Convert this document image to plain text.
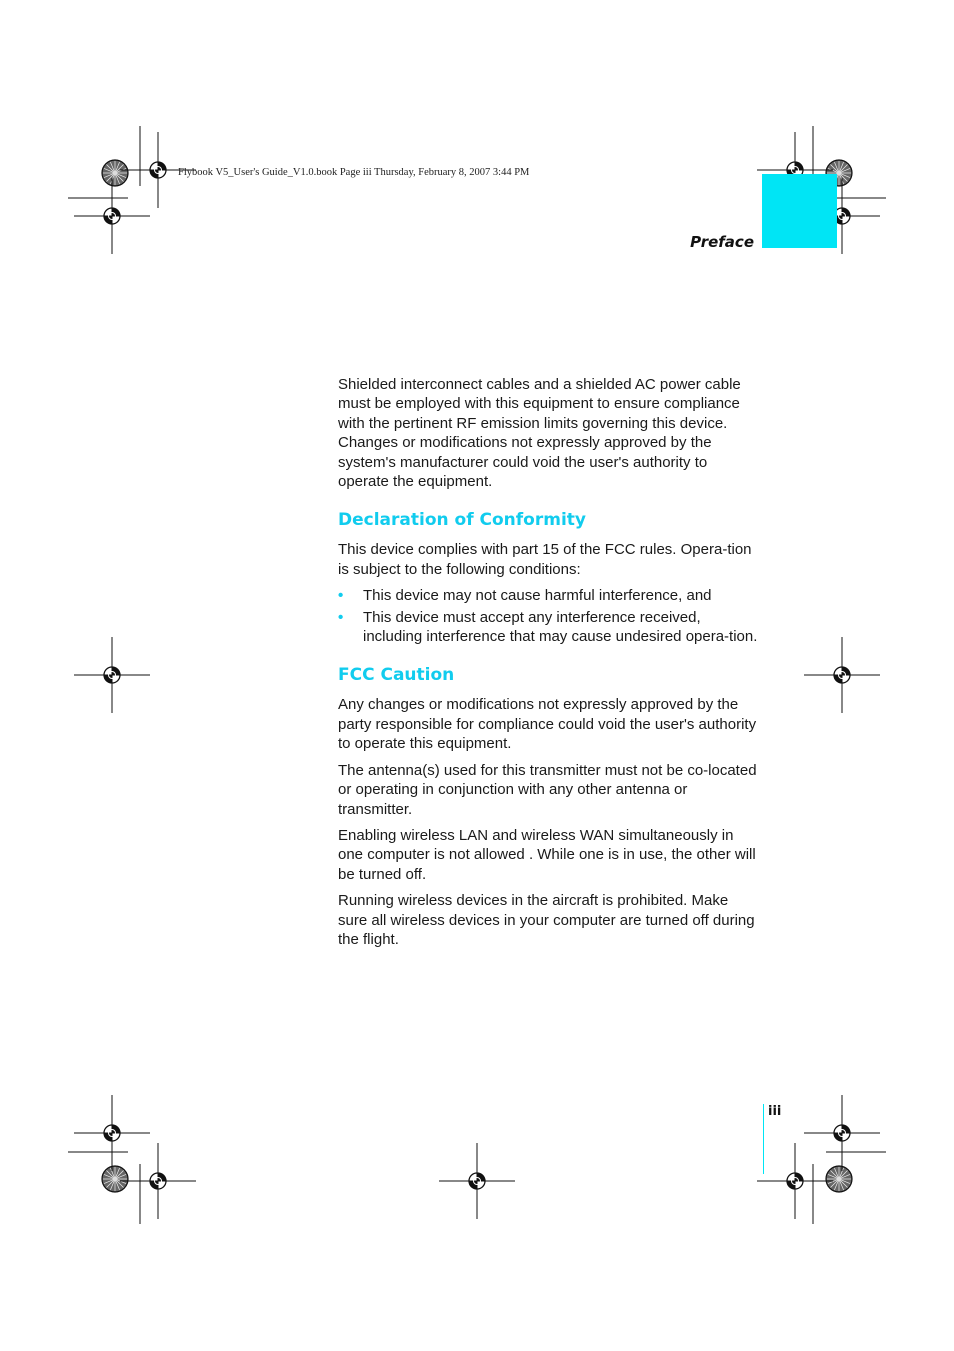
Flybook V5_User's Guide_V1.0.book Page iii Thursday, February 8, 2007 3:44 PM
Preface

Shielded interconnect cables and a shielded AC power cable must be employed with this equipment to ensure compliance with the pertinent RF emission limits governing this device. Changes or modifications not expressly approved by the system's manufacturer could void the user's authority to operate the equipment.

Declaration of Conformity

This device complies with part 15 of the FCC rules. Opera-tion is subject to the following conditions:

• This device may not cause harmful interference, and
• This device must accept any interference received, including interference that may cause undesired opera-tion.
FCC Caution

Any changes or modifications not expressly approved by the party responsible for compliance could void the user's authority to operate this equipment.

The antenna(s) used for this transmitter must not be co-located or operating in conjunction with any other antenna or transmitter.

Enabling wireless LAN and wireless WAN simultaneously in one computer is not allowed . While one is in use, the other will be turned off.

Running wireless devices in the aircraft is prohibited. Make sure all wireless devices in your computer are turned off during the flight.

iii
